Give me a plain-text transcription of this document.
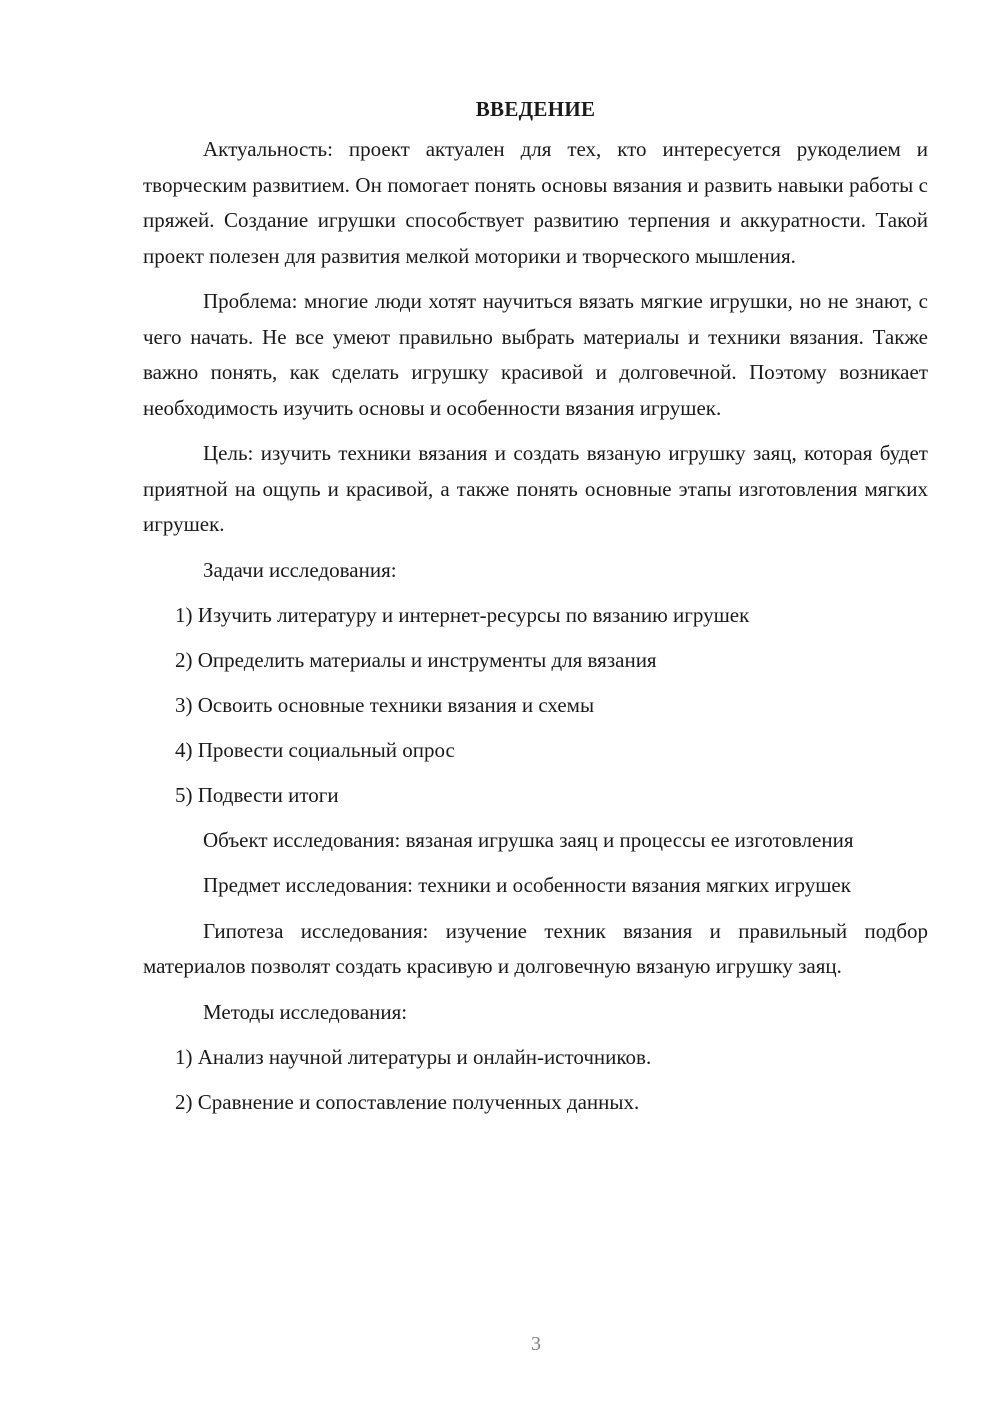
ВВЕДЕНИЕ

Актуальность: проект актуален для тех, кто интересуется рукоделием и творческим развитием. Он помогает понять основы вязания и развить навыки работы с пряжей. Создание игрушки способствует развитию терпения и аккуратности. Такой проект полезен для развития мелкой моторики и творческого мышления.

Проблема: многие люди хотят научиться вязать мягкие игрушки, но не знают, с чего начать. Не все умеют правильно выбрать материалы и техники вязания. Также важно понять, как сделать игрушку красивой и долговечной. Поэтому возникает необходимость изучить основы и особенности вязания игрушек.

Цель: изучить техники вязания и создать вязаную игрушку заяц, которая будет приятной на ощупь и красивой, а также понять основные этапы изготовления мягких игрушек.

Задачи исследования:
1) Изучить литературу и интернет-ресурсы по вязанию игрушек
2) Определить материалы и инструменты для вязания
3) Освоить основные техники вязания и схемы
4) Провести социальный опрос
5) Подвести итоги

Объект исследования: вязаная игрушка заяц и процессы ее изготовления

Предмет исследования: техники и особенности вязания мягких игрушек

Гипотеза исследования: изучение техник вязания и правильный подбор материалов позволят создать красивую и долговечную вязаную игрушку заяц.

Методы исследования:
1) Анализ научной литературы и онлайн-источников.
2) Сравнение и сопоставление полученных данных.
3
